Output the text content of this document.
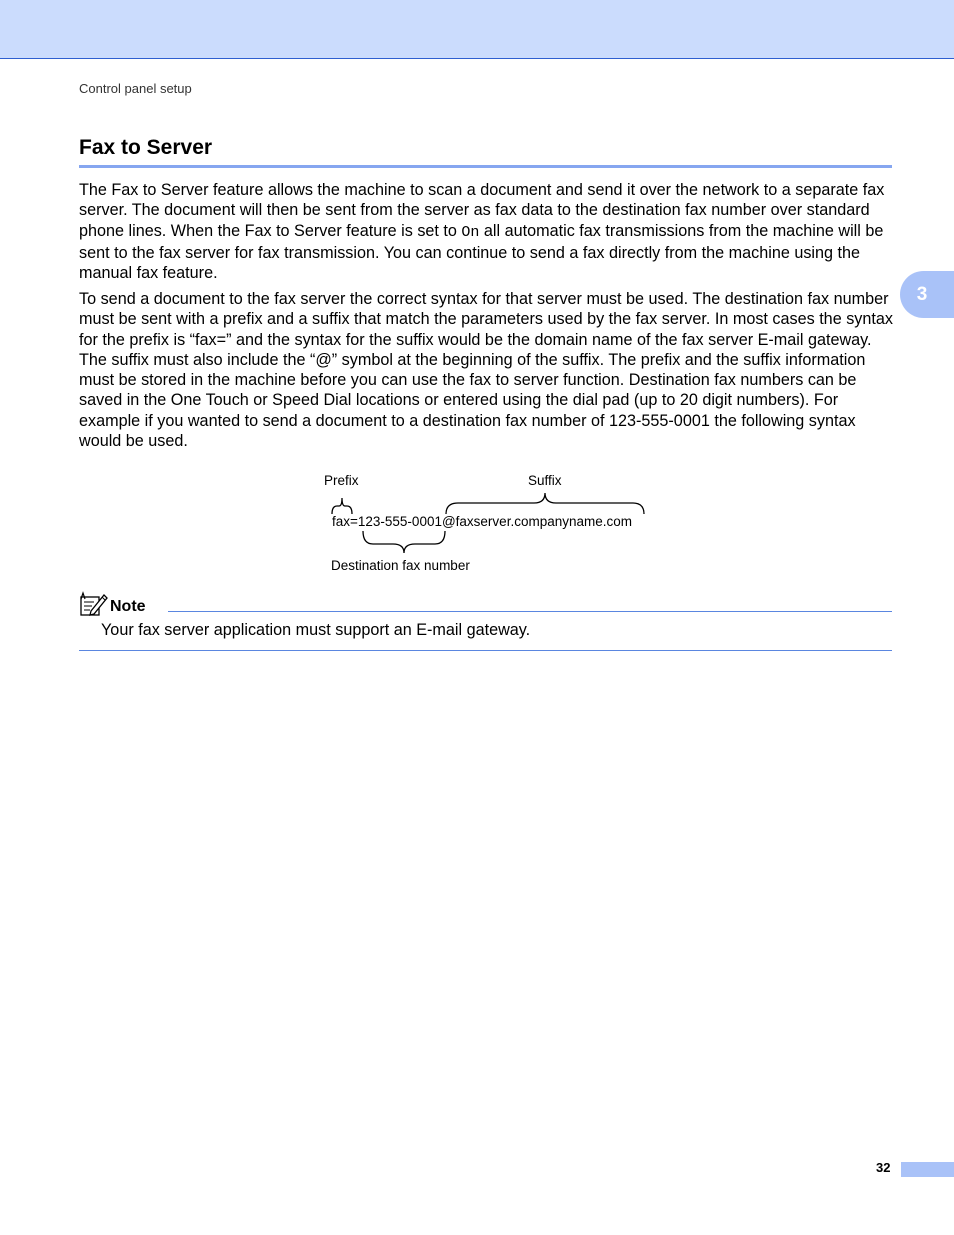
Control panel setup
3
Fax to Server

The Fax to Server feature allows the machine to scan a document and send it over the network to a separate fax server. The document will then be sent from the server as fax data to the destination fax number over standard phone lines. When the Fax to Server feature is set to On all automatic fax transmissions from the machine will be sent to the fax server for fax transmission. You can continue to send a fax directly from the machine using the manual fax feature.

To send a document to the fax server the correct syntax for that server must be used. The destination fax number must be sent with a prefix and a suffix that match the parameters used by the fax server. In most cases the syntax for the prefix is “fax=” and the syntax for the suffix would be the domain name of the fax server E-mail gateway. The suffix must also include the “@” symbol at the beginning of the suffix. The prefix and the suffix information must be stored in the machine before you can use the fax to server function. Destination fax numbers can be saved in the One Touch or Speed Dial locations or entered using the dial pad (up to 20 digit numbers). For example if you wanted to send a document to a destination fax number of 123-555-0001 the following syntax would be used.

Prefix	Suffix
fax=123-555-0001@faxserver.companyname.com
Destination fax number
Note

Your fax server application must support an E-mail gateway.

32
